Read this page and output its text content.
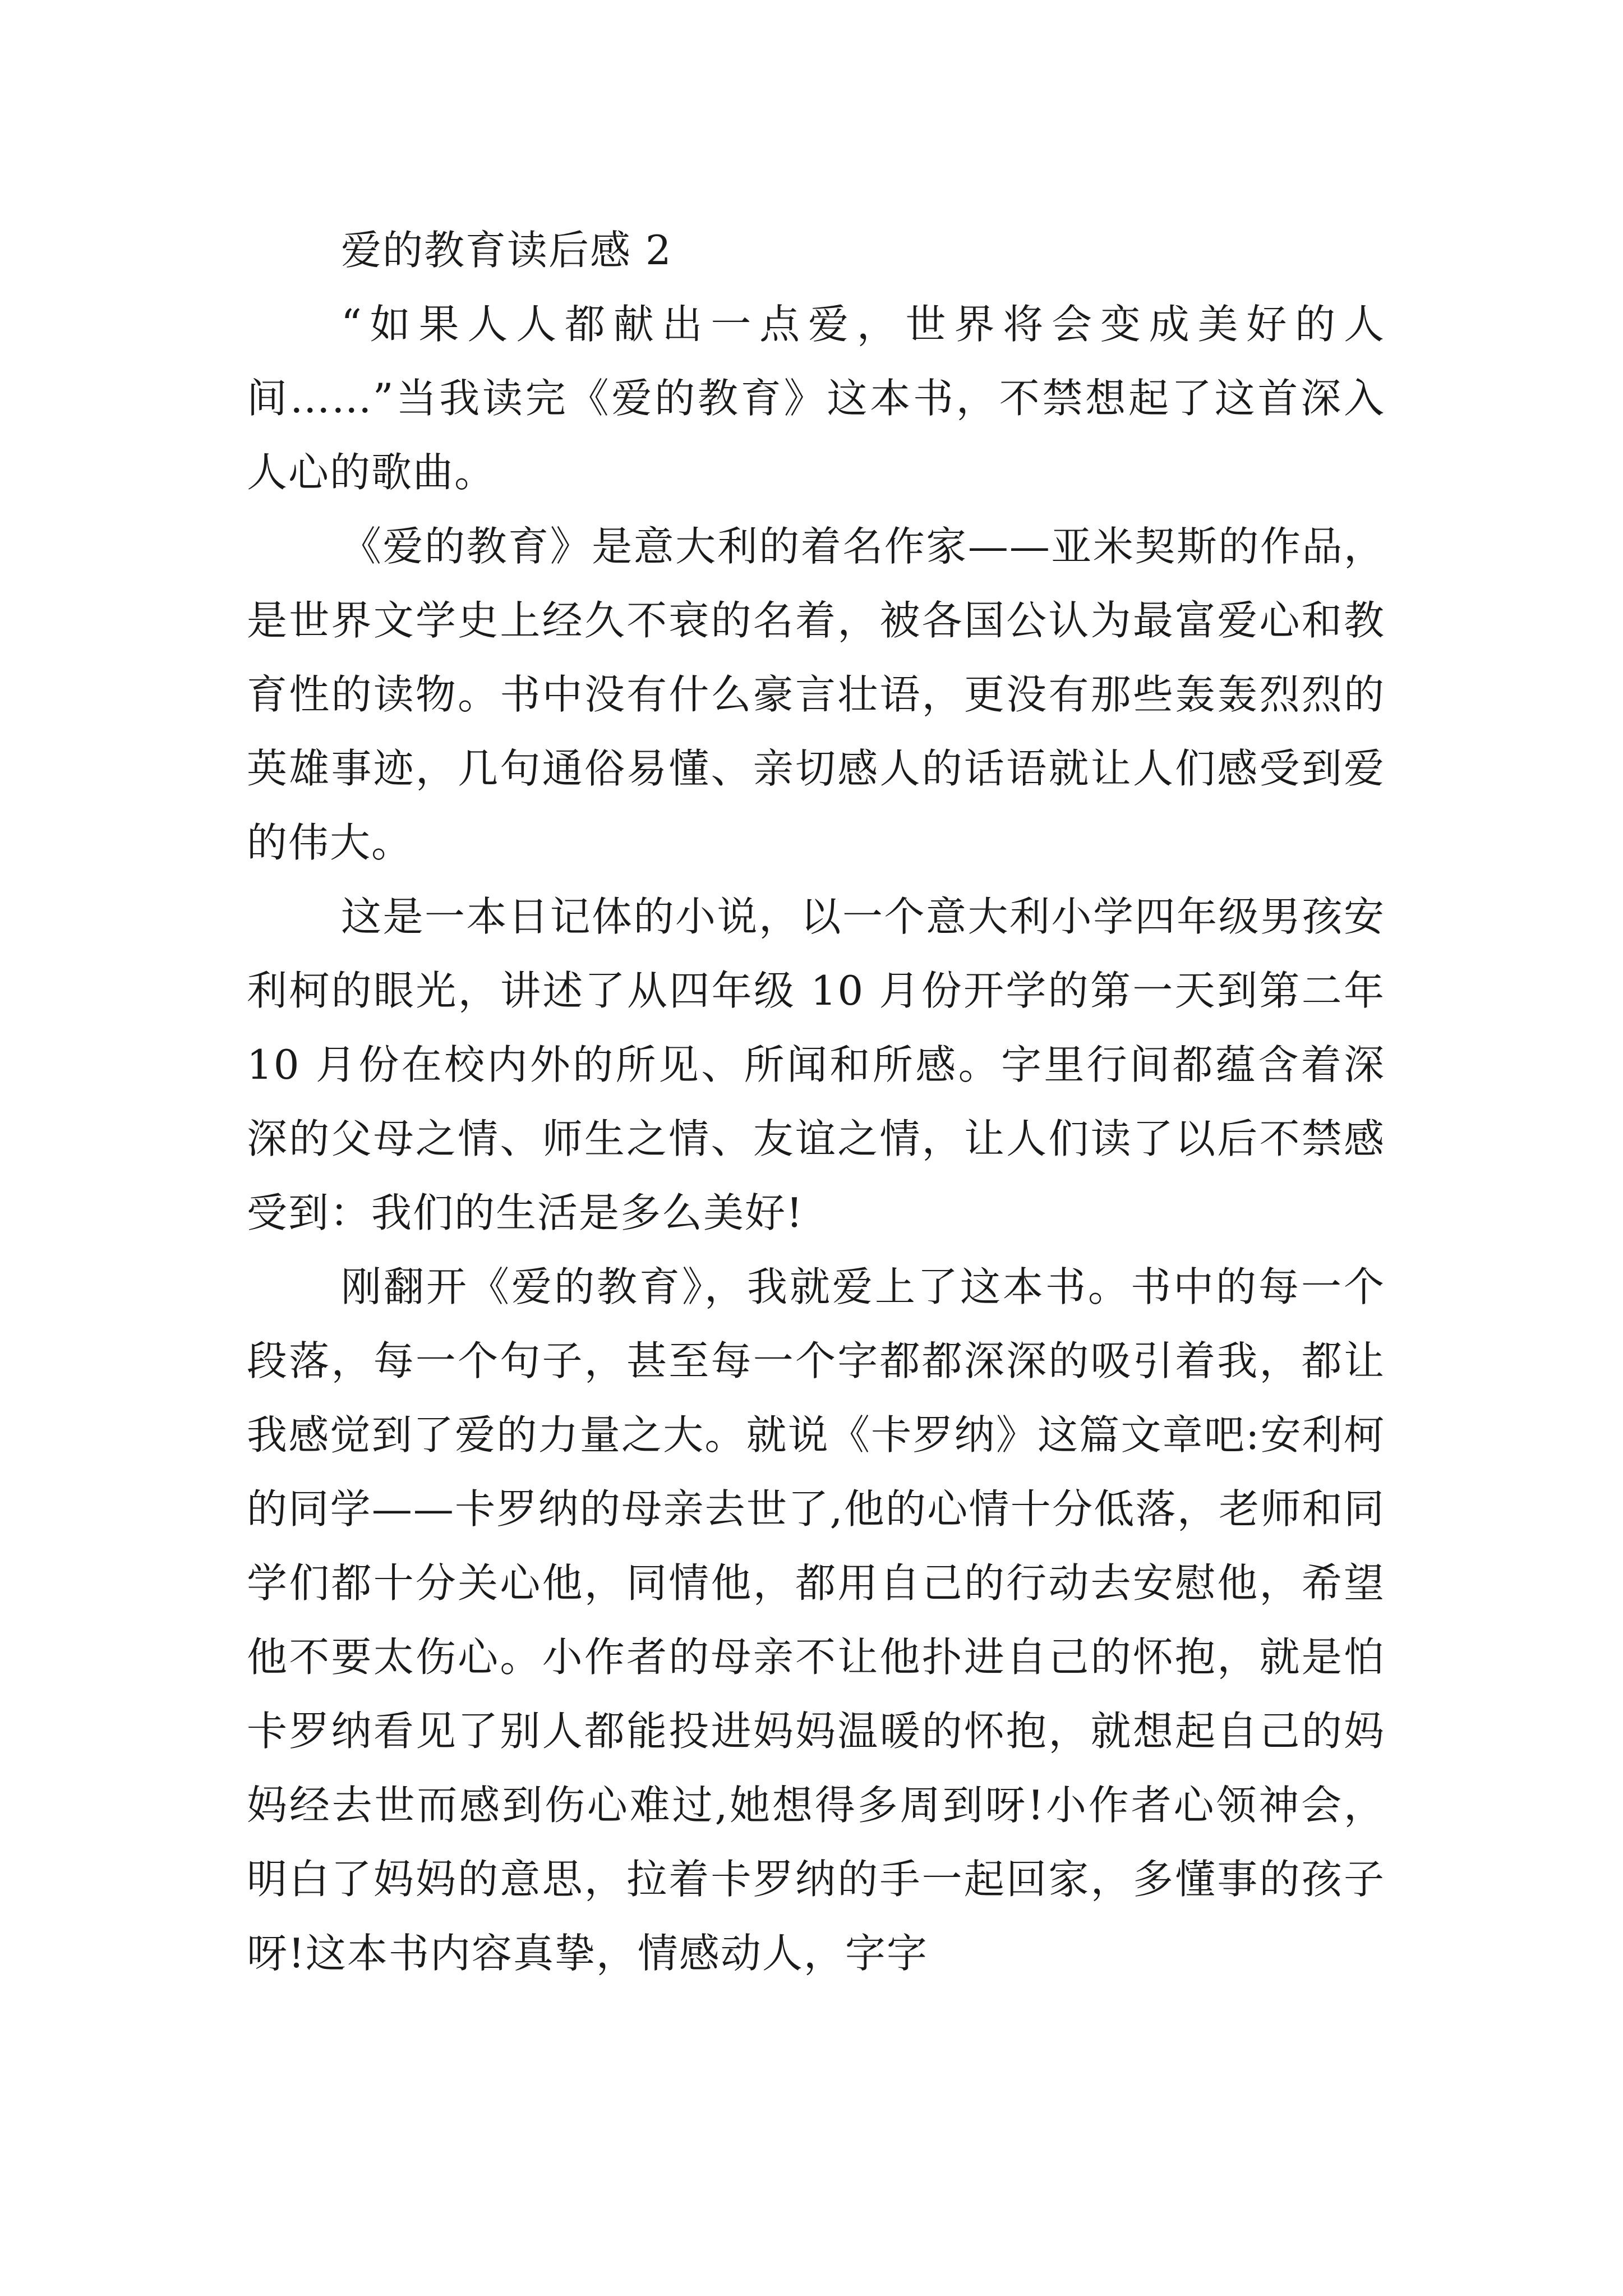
爱的教育读后感 2

“如果人人都献出一点爱，世界将会变成美好的人间……”当我读完《爱的教育》这本书，不禁想起了这首深入人心的歌曲。

《爱的教育》是意大利的着名作家——亚米契斯的作品，是世界文学史上经久不衰的名着，被各国公认为最富爱心和教育性的读物。书中没有什么豪言壮语，更没有那些轰轰烈烈的英雄事迹，几句通俗易懂、亲切感人的话语就让人们感受到爱的伟大。

这是一本日记体的小说，以一个意大利小学四年级男孩安利柯的眼光，讲述了从四年级 10 月份开学的第一天到第二年 10 月份在校内外的所见、所闻和所感。字里行间都蕴含着深深的父母之情、师生之情、友谊之情，让人们读了以后不禁感受到：我们的生活是多么美好!

刚翻开《爱的教育》，我就爱上了这本书。书中的每一个段落，每一个句子，甚至每一个字都都深深的吸引着我，都让我感觉到了爱的力量之大。就说《卡罗纳》这篇文章吧:安利柯的同学——卡罗纳的母亲去世了,他的心情十分低落，老师和同学们都十分关心他，同情他，都用自己的行动去安慰他，希望他不要太伤心。小作者的母亲不让他扑进自己的怀抱，就是怕卡罗纳看见了别人都能投进妈妈温暖的怀抱，就想起自己的妈妈经去世而感到伤心难过,她想得多周到呀!小作者心领神会，明白了妈妈的意思，拉着卡罗纳的手一起回家，多懂事的孩子呀!这本书内容真挚，情感动人，字字
